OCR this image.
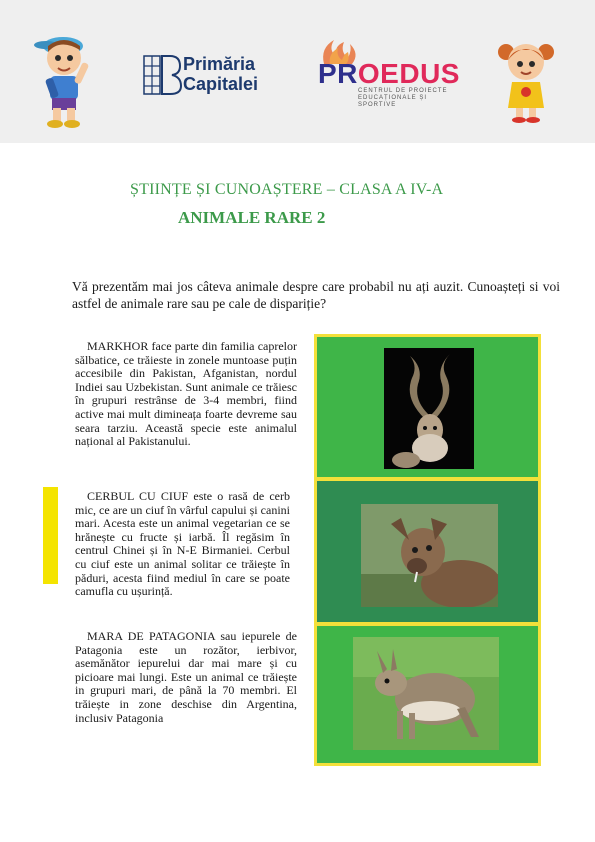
Primăria
Capitalei PROEDUS
CENTRUL DE PROIECTE EDUCAȚIONALE ȘI SPORTIVE
ȘTIINȚE ȘI CUNOAȘTERE – CLASA A IV-A
ANIMALE RARE 2
Vă prezentăm mai jos câteva animale despre care probabil nu ați auzit. Cunoașteți si voi astfel de animale rare sau pe cale de dispariție?
MARKHOR face parte din familia caprelor sălbatice, ce trăieste in zonele muntoase puțin accesibile din Pakistan, Afganistan, nordul Indiei sau Uzbekistan. Sunt animale ce trăiesc în grupuri restrânse de 3-4 membri, fiind active mai mult dimineața foarte devreme sau seara tarziu. Această specie este animalul național al Pakistanului.
CERBUL CU CIUF este o rasă de cerb mic, ce are un ciuf în vârful capului și canini mari. Acesta este un animal vegetarian ce se hrănește cu fructe și iarbă. Îl regăsim în centrul Chinei și în N-E Birmaniei. Cerbul cu ciuf este un animal solitar ce trăiește în păduri, acesta fiind mediul în care se poate camufla cu ușurință.
MARA DE PATAGONIA sau iepurele de Patagonia este un rozător, ierbivor, asemănător iepurelui dar mai mare și cu picioare mai lungi. Este un animal ce trăiește in grupuri mari, de până la 70 membri. El trăiește in zone deschise din Argentina, inclusiv Patagonia
